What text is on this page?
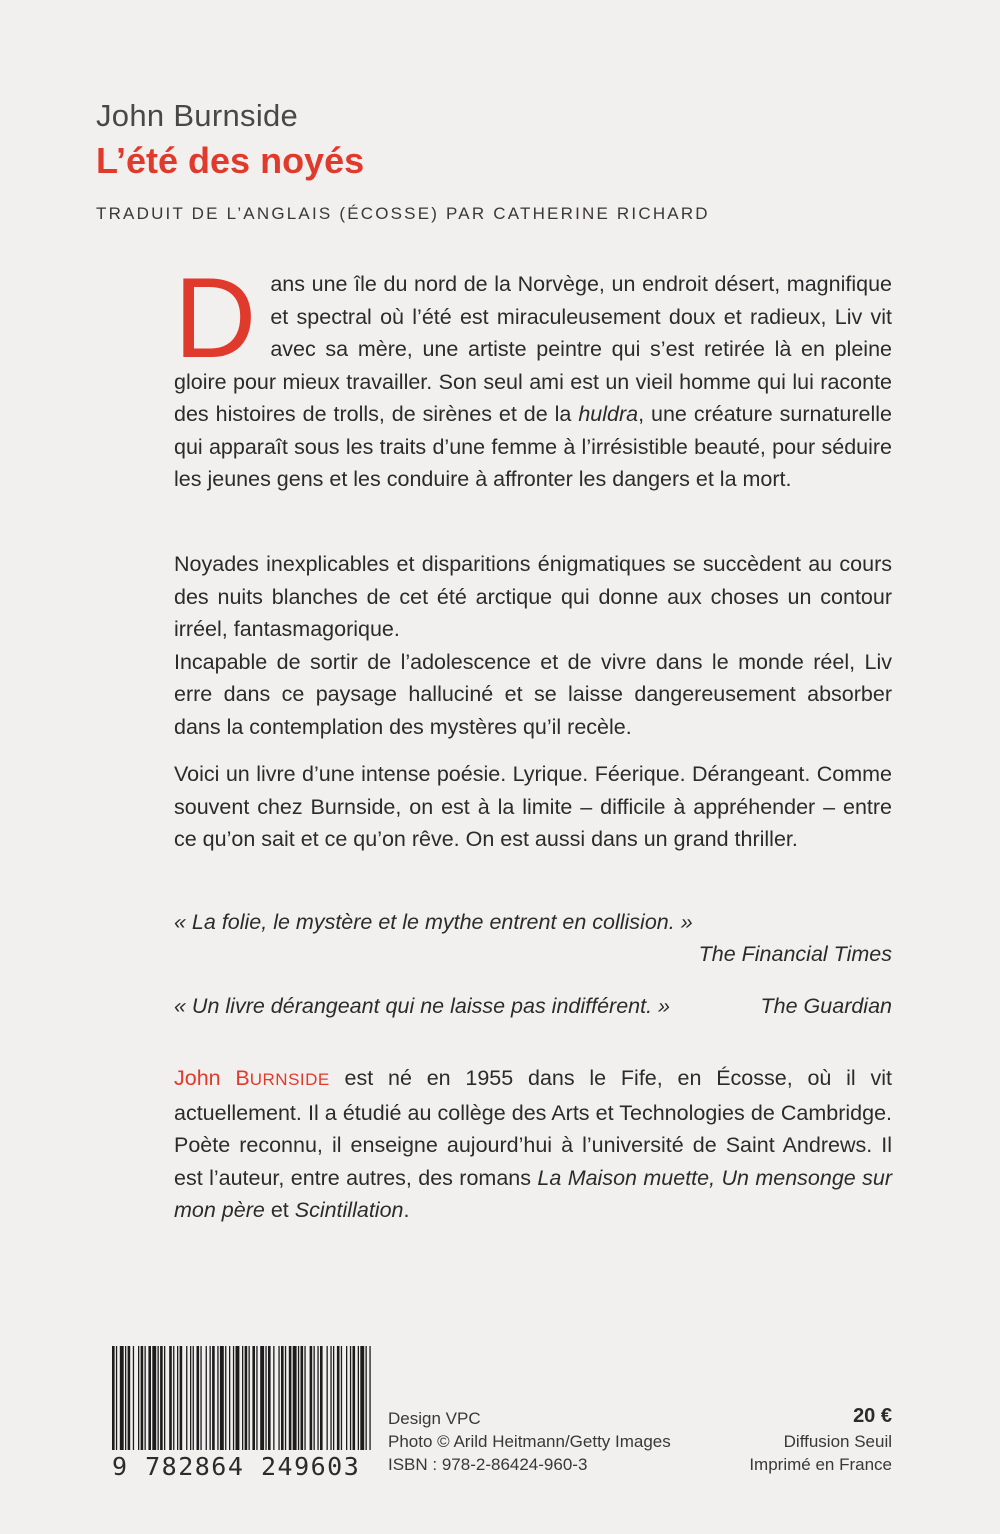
John Burnside
L’été des noyés
TRADUIT DE L’ANGLAIS (ÉCOSSE) PAR CATHERINE RICHARD
Dans une île du nord de la Norvège, un endroit désert, magnifique et spectral où l’été est miraculeusement doux et radieux, Liv vit avec sa mère, une artiste peintre qui s’est retirée là en pleine gloire pour mieux travailler. Son seul ami est un vieil homme qui lui raconte des histoires de trolls, de sirènes et de la huldra, une créature surnaturelle qui apparaît sous les traits d’une femme à l’irrésistible beauté, pour séduire les jeunes gens et les conduire à affronter les dangers et la mort.
Noyades inexplicables et disparitions énigmatiques se succèdent au cours des nuits blanches de cet été arctique qui donne aux choses un contour irréel, fantasmagorique.
Incapable de sortir de l’adolescence et de vivre dans le monde réel, Liv erre dans ce paysage halluciné et se laisse dangereusement absorber dans la contemplation des mystères qu’il recèle.
Voici un livre d’une intense poésie. Lyrique. Féerique. Dérangeant. Comme souvent chez Burnside, on est à la limite – difficile à appréhender – entre ce qu’on sait et ce qu’on rêve. On est aussi dans un grand thriller.
« La folie, le mystère et le mythe entrent en collision. »
The Financial Times
« Un livre dérangeant qui ne laisse pas indifférent. »	The Guardian
John BURNSIDE est né en 1955 dans le Fife, en Écosse, où il vit actuellement. Il a étudié au collège des Arts et Technologies de Cambridge. Poète reconnu, il enseigne aujourd’hui à l’université de Saint Andrews. Il est l’auteur, entre autres, des romans La Maison muette, Un mensonge sur mon père et Scintillation.
9 782864 249603
Design VPC
Photo © Arild Heitmann/Getty Images
ISBN : 978-2-86424-960-3
20 €
Diffusion Seuil
Imprimé en France
